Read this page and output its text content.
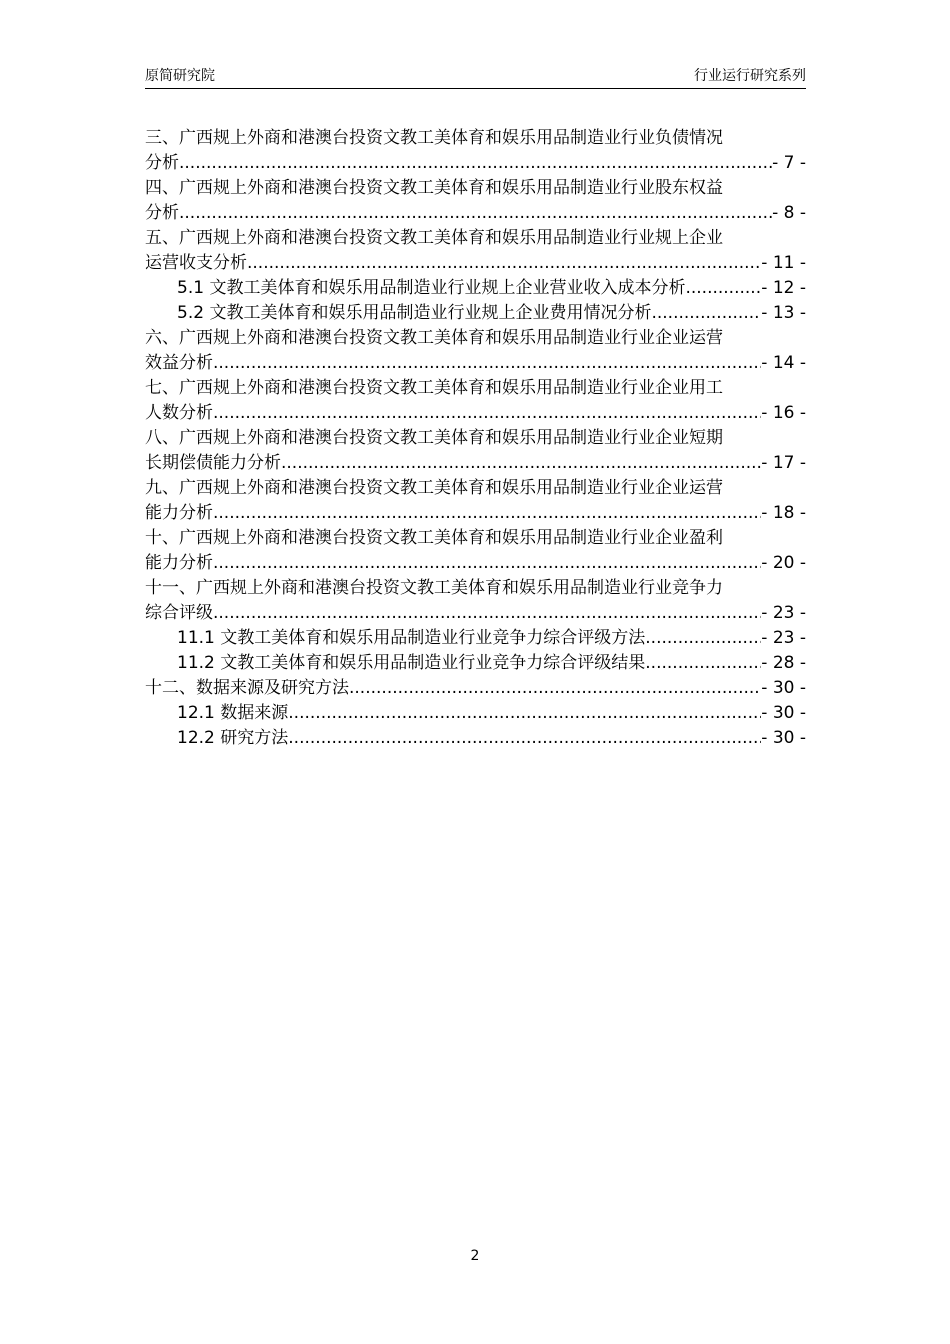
原简研究院	行业运行研究系列
三、广西规上外商和港澳台投资文教工美体育和娱乐用品制造业行业负债情况
分析 .....	- 7 -
四、广西规上外商和港澳台投资文教工美体育和娱乐用品制造业行业股东权益
分析 .....	- 8 -
五、广西规上外商和港澳台投资文教工美体育和娱乐用品制造业行业规上企业
运营收支分析 .....	- 11 -
5.1 文教工美体育和娱乐用品制造业行业规上企业营业收入成本分析 .....	- 12 -
5.2 文教工美体育和娱乐用品制造业行业规上企业费用情况分析 .....	- 13 -
六、广西规上外商和港澳台投资文教工美体育和娱乐用品制造业行业企业运营
效益分析 .....	- 14 -
七、广西规上外商和港澳台投资文教工美体育和娱乐用品制造业行业企业用工
人数分析 .....	- 16 -
八、广西规上外商和港澳台投资文教工美体育和娱乐用品制造业行业企业短期
长期偿债能力分析 .....	- 17 -
九、广西规上外商和港澳台投资文教工美体育和娱乐用品制造业行业企业运营
能力分析 .....	- 18 -
十、广西规上外商和港澳台投资文教工美体育和娱乐用品制造业行业企业盈利
能力分析 .....	- 20 -
十一、广西规上外商和港澳台投资文教工美体育和娱乐用品制造业行业竞争力
综合评级 .....	- 23 -
11.1 文教工美体育和娱乐用品制造业行业竞争力综合评级方法 .....	- 23 -
11.2 文教工美体育和娱乐用品制造业行业竞争力综合评级结果 .....	- 28 -
十二、数据来源及研究方法 .....	- 30 -
12.1 数据来源 .....	- 30 -
12.2 研究方法 .....	- 30 -
2
